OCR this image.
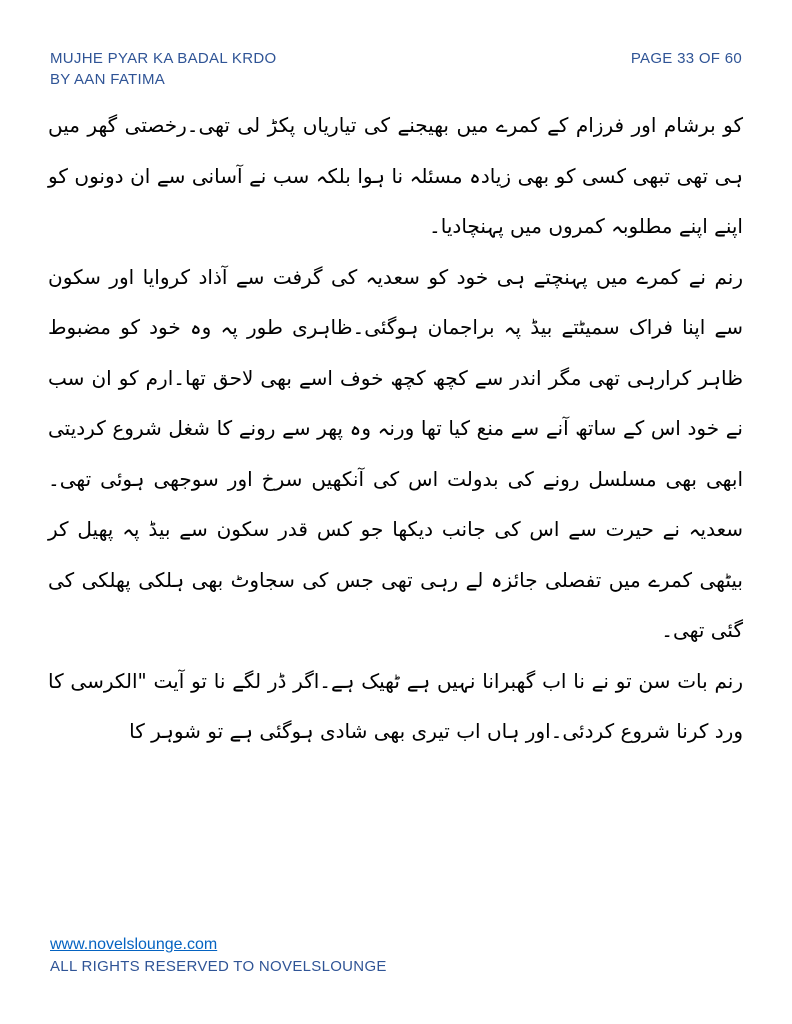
MUJHE PYAR KA BADAL KRDO
BY AAN FATIMA
PAGE 33 OF 60

کو برشام اور فرزام کے کمرے میں بھیجنے کی تیاریاں پکڑ لی تھی۔رخصتی گھر میں ہی تھی تبھی کسی کو بھی زیادہ مسئلہ نا ہوا بلکہ سب نے آسانی سے ان دونوں کو اپنے اپنے مطلوبہ کمروں میں پہنچادیا۔

رنم نے کمرے میں پہنچتے ہی خود کو سعدیہ کی گرفت سے آذاد کروایا اور سکون سے اپنا فراک سمیٹتے بیڈ پہ براجمان ہوگئی۔ظاہری طور پہ وہ خود کو مضبوط ظاہر کرارہی تھی مگر اندر سے کچھ کچھ خوف اسے بھی لاحق تھا۔ارم کو ان سب نے خود اس کے ساتھ آنے سے منع کیا تھا ورنہ وہ پھر سے رونے کا شغل شروع کردیتی ابھی بھی مسلسل رونے کی بدولت اس کی آنکھیں سرخ اور سوجھی ہوئی تھی۔سعدیہ نے حیرت سے اس کی جانب دیکھا جو کس قدر سکون سے بیڈ پہ پھیل کر بیٹھی کمرے میں تفصلی جائزہ لے رہی تھی جس کی سجاوٹ بھی ہلکی پھلکی کی گئی تھی۔

رنم بات سن تو نے نا اب گھبرانا نہیں ہے ٹھیک ہے۔اگر ڈر لگے نا تو آیت "الکرسی کا ورد کرنا شروع کردئی۔اور ہاں اب تیری بھی شادی ہوگئی ہے تو شوہر کا

www.novelslounge.com
ALL RIGHTS RESERVED TO NOVELSLOUNGE
